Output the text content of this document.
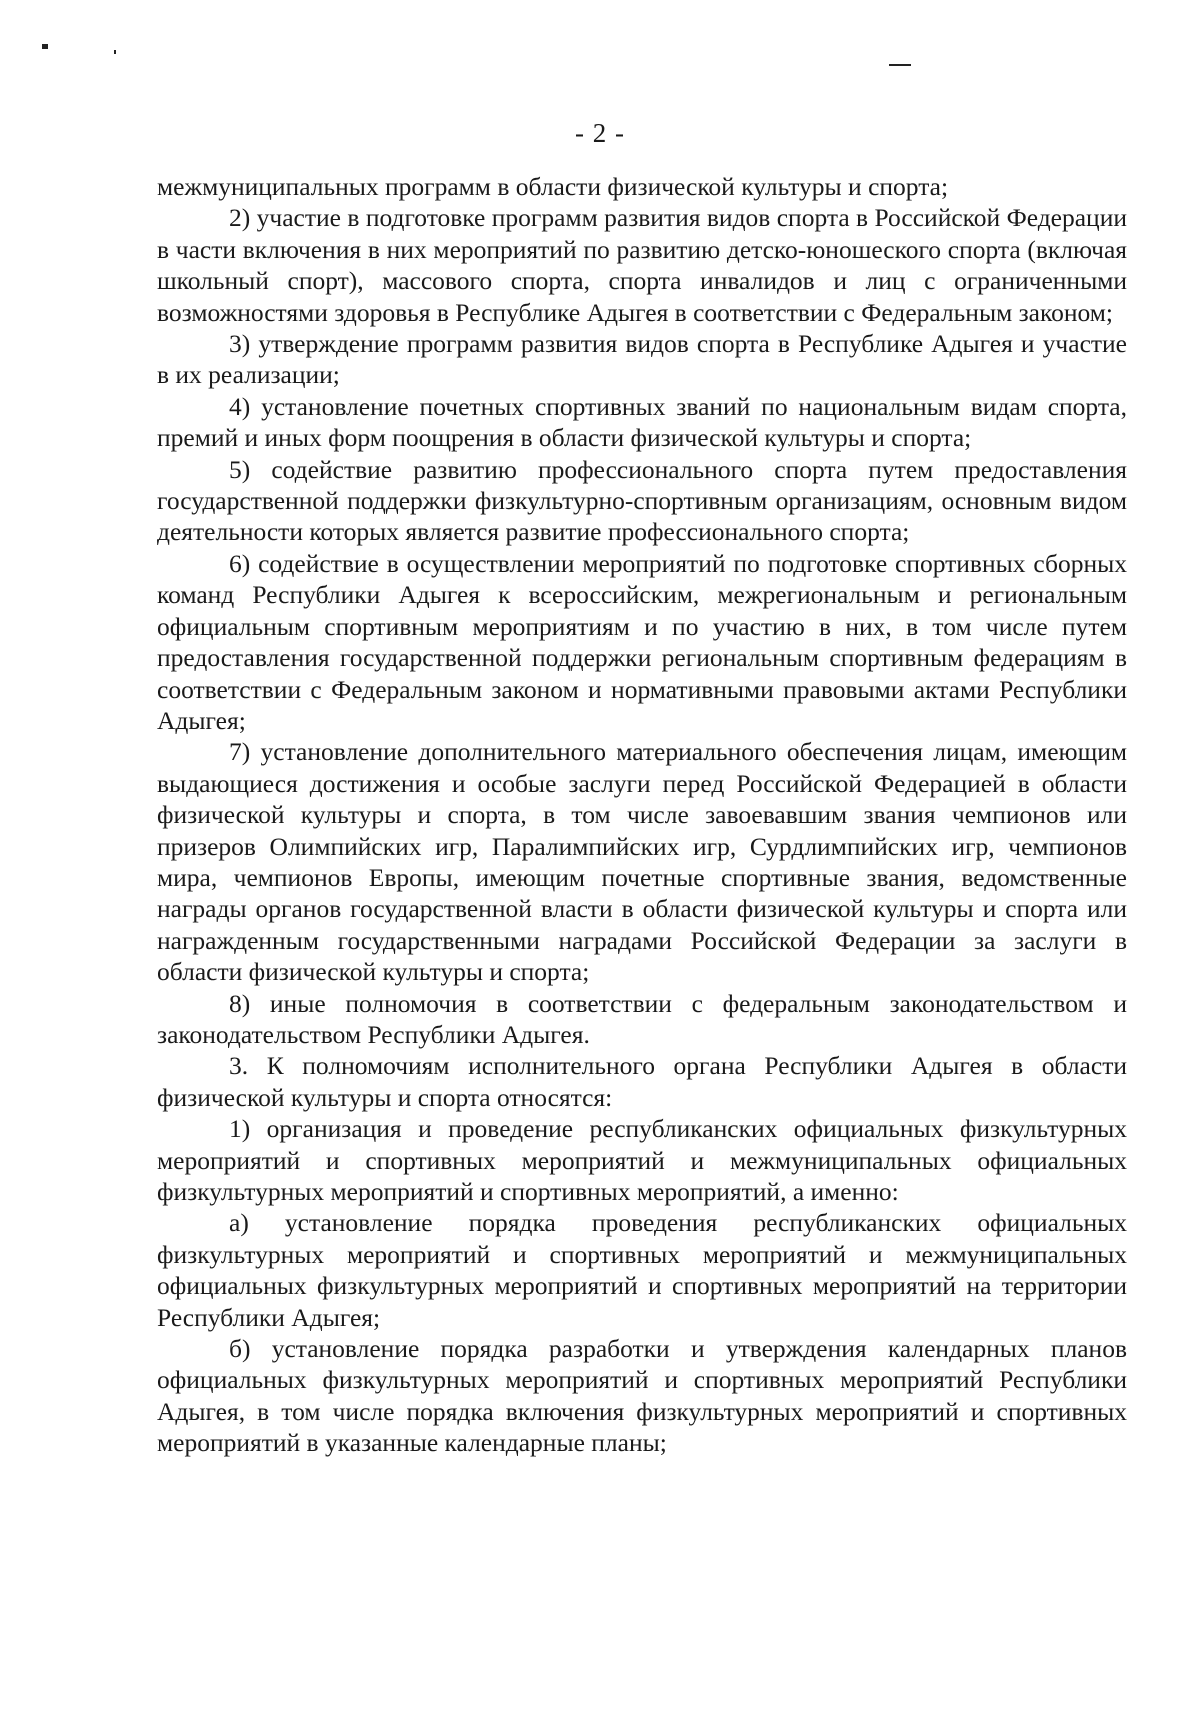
- 2 -

межмуниципальных программ в области физической культуры и спорта;

2) участие в подготовке программ развития видов спорта в Российской Федерации в части включения в них мероприятий по развитию детско-юношеского спорта (включая школьный спорт), массового спорта, спорта инвалидов и лиц с ограниченными возможностями здоровья в Республике Адыгея в соответствии с Федеральным законом;

3) утверждение программ развития видов спорта в Республике Адыгея и участие в их реализации;

4) установление почетных спортивных званий по национальным видам спорта, премий и иных форм поощрения в области физической культуры и спорта;

5) содействие развитию профессионального спорта путем предоставления государственной поддержки физкультурно-спортивным организациям, основным видом деятельности которых является развитие профессионального спорта;

6) содействие в осуществлении мероприятий по подготовке спортивных сборных команд Республики Адыгея к всероссийским, межрегиональным и региональным официальным спортивным мероприятиям и по участию в них, в том числе путем предоставления государственной поддержки региональным спортивным федерациям в соответствии с Федеральным законом и нормативными правовыми актами Республики Адыгея;

7) установление дополнительного материального обеспечения лицам, имеющим выдающиеся достижения и особые заслуги перед Российской Федерацией в области физической культуры и спорта, в том числе завоевавшим звания чемпионов или призеров Олимпийских игр, Паралимпийских игр, Сурдлимпийских игр, чемпионов мира, чемпионов Европы, имеющим почетные спортивные звания, ведомственные награды органов государственной власти в области физической культуры и спорта или награжденным государственными наградами Российской Федерации за заслуги в области физической культуры и спорта;

8) иные полномочия в соответствии с федеральным законодательством и законодательством Республики Адыгея.

3. К полномочиям исполнительного органа Республики Адыгея в области физической культуры и спорта относятся:

1) организация и проведение республиканских официальных физкультурных мероприятий и спортивных мероприятий и межмуниципальных официальных физкультурных мероприятий и спортивных мероприятий, а именно:

а) установление порядка проведения республиканских официальных физкультурных мероприятий и спортивных мероприятий и межмуниципальных официальных физкультурных мероприятий и спортивных мероприятий на территории Республики Адыгея;

б) установление порядка разработки и утверждения календарных планов официальных физкультурных мероприятий и спортивных мероприятий Республики Адыгея, в том числе порядка включения физкультурных мероприятий и спортивных мероприятий в указанные календарные планы;
